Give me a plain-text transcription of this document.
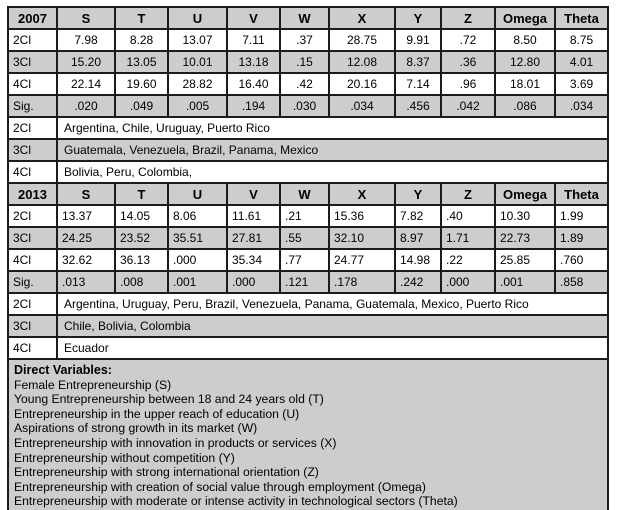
2007	S	T	U	V	W	X	Y	Z	Omega	Theta
2Cl	7.98	8.28	13.07	7.11	.37	28.75	9.91	.72	8.50	8.75
3Cl	15.20	13.05	10.01	13.18	.15	12.08	8.37	.36	12.80	4.01
4Cl	22.14	19.60	28.82	16.40	.42	20.16	7.14	.96	18.01	3.69
Sig.	.020	.049	.005	.194	.030	.034	.456	.042	.086	.034
2Cl	Argentina, Chile, Uruguay, Puerto Rico									
3Cl	Guatemala, Venezuela, Brazil, Panama, Mexico									
4Cl	Bolivia, Peru, Colombia,									
2013	S	T	U	V	W	X	Y	Z	Omega	Theta
2Cl	13.37	14.05	8.06	11.61	.21	15.36	7.82	.40	10.30	1.99
3Cl	24.25	23.52	35.51	27.81	.55	32.10	8.97	1.71	22.73	1.89
4Cl	32.62	36.13	.000	35.34	.77	24.77	14.98	.22	25.85	.760
Sig.	.013	.008	.001	.000	.121	.178	.242	.000	.001	.858
2Cl	Argentina, Uruguay, Peru, Brazil, Venezuela, Panama, Guatemala, Mexico, Puerto Rico									
3Cl	Chile, Bolivia, Colombia									
4Cl	Ecuador									

Direct Variables:
Female Entrepreneurship (S)
Young Entrepreneurship between 18 and 24 years old (T)
Entrepreneurship in the upper reach of education (U)
Aspirations of strong growth in its market (W)
Entrepreneurship with innovation in products or services (X)
Entrepreneurship without competition (Y)
Entrepreneurship with strong international orientation (Z)
Entrepreneurship with creation of social value through employment (Omega)
Entrepreneurship with moderate or intense activity in technological sectors (Theta)
